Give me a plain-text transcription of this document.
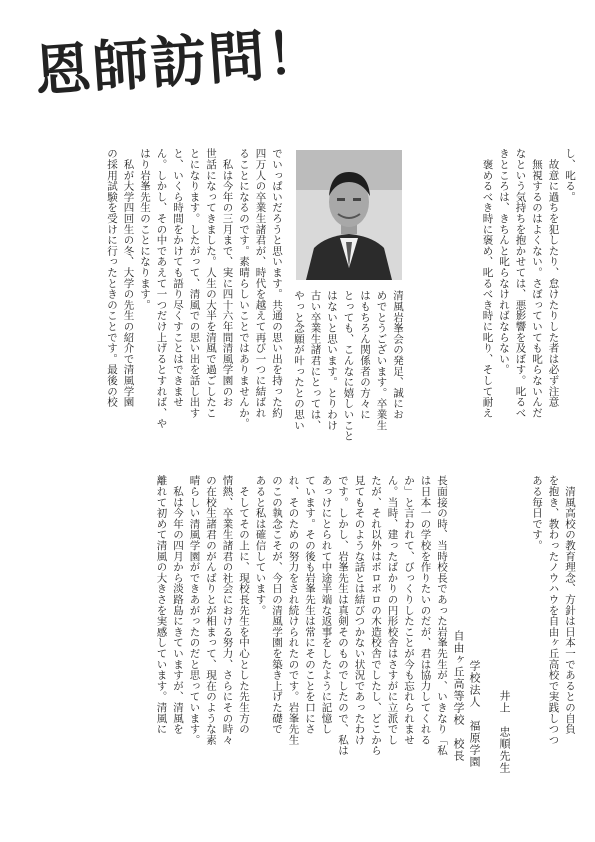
恩師訪問！
し、叱る。
　故意に過ちを犯したり、怠けたりした者は必ず注意
　無視するのはよくない。さぼっていても叱らないんだ
なという気持ちを抱かせては、悪影響を及ぼす。叱るべ
きところは、きちんと叱らなければならない。
　褒めるべき時に褒め、叱るべき時に叱り、そして耐え
清風岩峯会の発足、誠にお
めでとうございます。卒業生
はもちろん関係者の方々に
とっても、こんなに嬉しいこと
はないと思います。とりわけ
古い卒業生諸君にとっては、
やっと念願が叶ったとの思い
でいっぱいだろうと思います。共通の思い出を持った約
四万人の卒業生諸君が、時代を越えて再び一つに結ばれ
ることになるのです。素晴らしいことではありませんか。
　私は今年の三月まで、実に四十六年間清風学園のお
世話になってきました。人生の大半を清風で過ごしたこ
とになります。したがって、清風での思い出を話し出す
と、いくら時間をかけても語り尽くすことはできませ
ん。しかし、その中であえて一つだけ上げるとすれば、や
はり岩峯先生のことになります。
　私が大学四回生の冬、大学の先生の紹介で清風学園
の採用試験を受けに行ったときのことです。最後の校
　清風高校の教育理念、方針は日本一であるとの自負
を抱き、教わったノウハウを自由ヶ丘高校で実践しつつ
ある毎日です。
長面接の時、当時校長であった岩峯先生が、いきなり「私
は日本一の学校を作りたいのだが、君は協力してくれる
か」と言われて、びっくりしたことが今も忘れられませ
ん。当時、建ったばかりの円形校舎はさすがに立派でし
たが、それ以外はボロボロの木造校舎でしたし、どこから
見てもそのような話とは結びつかない状況であったわけ
です。しかし、岩峯先生は真剣そのものでしたので、私は
あっけにとられて中途半端な返事をしたように記憶し
ています。その後も岩峯先生は常にそのことを口にさ
れ、そのための努力をされ続けられたのです。岩峯先生
のこの執念こそが、今日の清風学園を築き上げた礎で
あると私は確信しています。
　そしてその上に、現校長先生を中心とした先生方の
情熱、卒業生諸君の社会における努力、さらにその時々
の在校生諸君のがんばりとが相まって、現在のような素
晴らしい清風学園ができあがったのだと思っています。
　私は今年の四月から淡路島にきていますが、清風を
離れて初めて清風の大きさを実感しています。清風に	井上　忠順先生
学校法人　福原学園
自由ヶ丘高等学校　校長
